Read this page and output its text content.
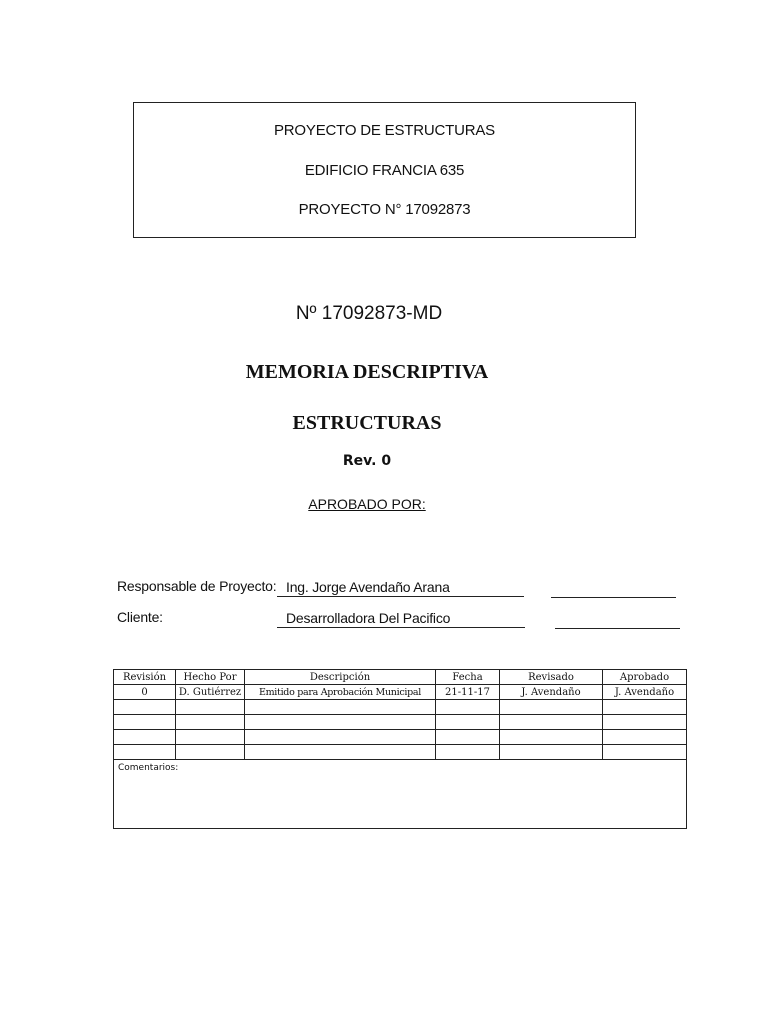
PROYECTO DE ESTRUCTURAS
EDIFICIO FRANCIA 635
PROYECTO N° 17092873
Nº 17092873-MD
MEMORIA DESCRIPTIVA
ESTRUCTURAS
Rev. 0
APROBADO POR:
Responsable de Proyecto: Ing. Jorge Avendaño Arana
Cliente:	Desarrolladora Del Pacifico
Revisión	Hecho Por	Descripción	Fecha	Revisado	Aprobado
0	D. Gutiérrez	Emitido para Aprobación Municipal	21-11-17	J. Avendaño	J. Avendaño

Comentarios:					
